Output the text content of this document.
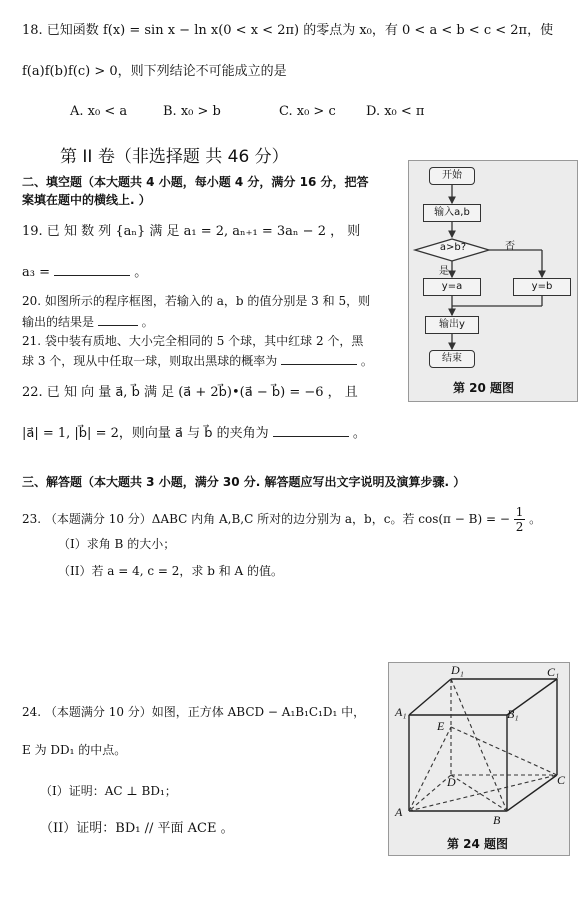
18. 已知函数 f(x) = sin x − ln x(0 < x < 2π) 的零点为 x₀，有 0 < a < b < c < 2π，使
f(a)f(b)f(c) > 0，则下列结论不可能成立的是
A. x₀ < a	B. x₀ > b	C. x₀ > c D. x₀ < π
第 II 卷（非选择题 共 46 分）
二、填空题（本大题共 4 小题，每小题 4 分，满分 16 分，把答
案填在题中的横线上. ）
19. 已 知 数 列 {aₙ} 满 足 a₁ = 2, aₙ₊₁ = 3aₙ − 2 ， 则
a₃ =	。
20. 如图所示的程序框图，若输入的 a，b 的值分别是 3 和 5，则
输出的结果是	。
21. 袋中装有质地、大小完全相同的 5 个球，其中红球 2 个，黑
球 3 个，现从中任取一球，则取出黑球的概率为	。
22. 已 知 向 量 a⃗, b⃗ 满 足 (a⃗ + 2b⃗)•(a⃗ − b⃗) = −6 ， 且
|a⃗| = 1, |b⃗| = 2，则向量 a⃗ 与 b⃗ 的夹角为	。
开始
输入a,b
a>b?	否
是
y=a	y=b
输出y
结束
第 20 题图
三、解答题（本大题共 3 小题，满分 30 分. 解答题应写出文字说明及演算步骤. ）
23. （本题满分 10 分）ΔABC 内角 A,B,C 所对的边分别为 a，b，c。若 cos(π − B) = − $\frac{1}{2}$ 。
（I）求角 B 的大小；
（II）若 a = 4, c = 2，求 b 和 A 的值。
24. （本题满分 10 分）如图，正方体 ABCD − A₁B₁C₁D₁ 中，
E 为 DD₁ 的中点。
（I）证明：AC ⊥ BD₁；
（II）证明：BD₁ // 平面 ACE 。
D₁	C₁
A₁	B₁
E
D	C
A
B
第 24 题图
